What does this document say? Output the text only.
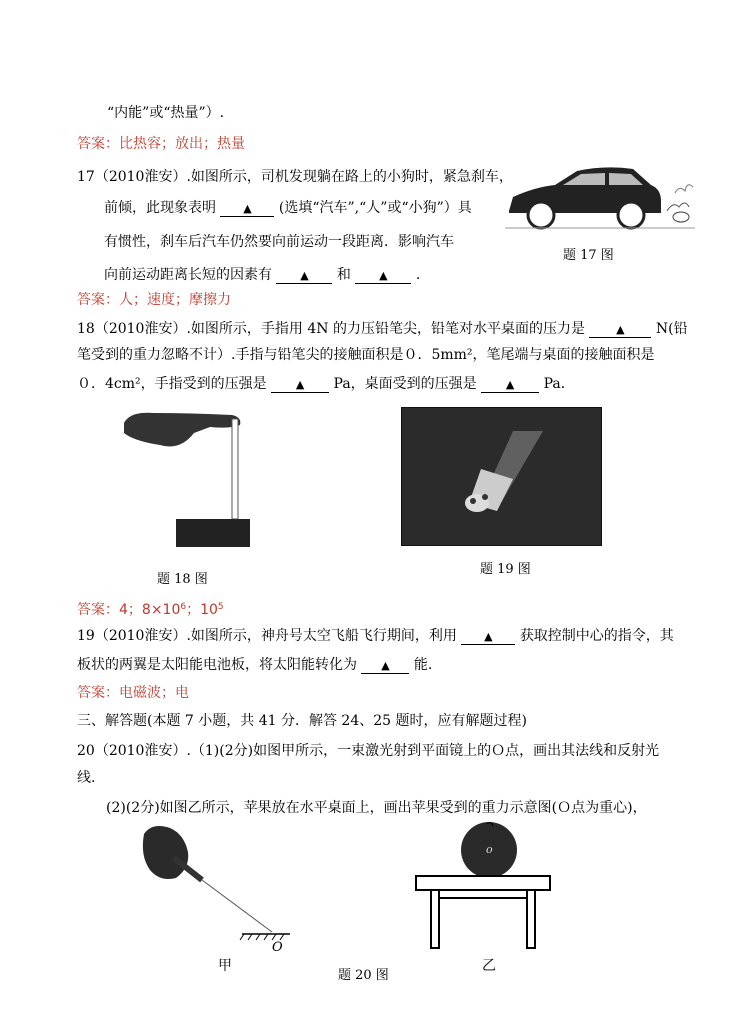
“内能”或“热量”）.
答案：比热容；放出；热量
17（2010淮安）.如图所示，司机发现躺在路上的小狗时，紧急刹车，
前倾，此现象表明 ▲ (选填“汽车”,“人”或“小狗”）具
有惯性，刹车后汽车仍然要向前运动一段距离．影响汽车
向前运动距离长短的因素有	▲ 和	▲ .
题 17 图
答案：人；速度；摩擦力
18（2010淮安）.如图所示，手指用 4N 的力压铅笔尖，铅笔对水平桌面的压力是	▲ N(铅
笔受到的重力忽略不计）.手指与铅笔尖的接触面积是０．5mm²，笔尾端与桌面的接触面积是
０．4cm²，手指受到的压强是	▲ Pa，桌面受到的压强是	▲ Pa．
题 18 图
题 19 图
答案：4；$8\times 10^6$；$10^5$
19（2010淮安）.如图所示，神舟号太空飞船飞行期间，利用 ▲ 获取控制中心的指令，其
板状的两翼是太阳能电池板，将太阳能转化为 ▲ 能.
答案：电磁波；电
三、解答题(本题 7 小题，共 41 分．解答 24、25 题时，应有解题过程)
20（2010淮安）.（1)(2分)如图甲所示，一束激光射到平面镜上的Ｏ点，画出其法线和反射光
线.
(2)(2分)如图乙所示，苹果放在水平桌面上，画出苹果受到的重力示意图(Ｏ点为重心)，
O
甲
o
乙
题 20 图
